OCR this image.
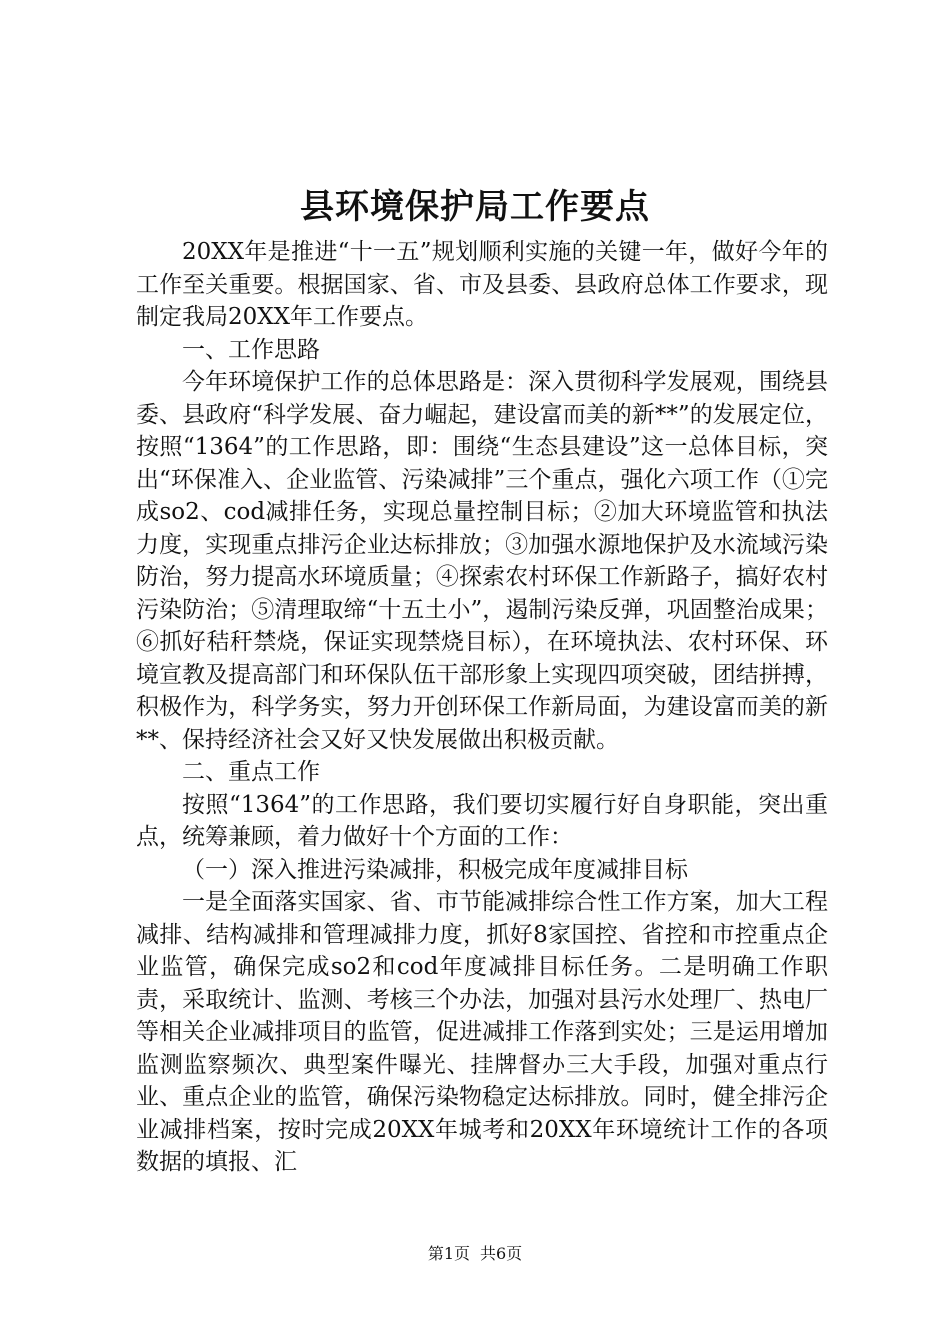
县环境保护局工作要点

20XX年是推进“十一五”规划顺利实施的关键一年，做好今年的工作至关重要。根据国家、省、市及县委、县政府总体工作要求，现制定我局20XX年工作要点。

一、工作思路

今年环境保护工作的总体思路是：深入贯彻科学发展观，围绕县委、县政府“科学发展、奋力崛起，建设富而美的新**”的发展定位，按照“1364”的工作思路，即：围绕“生态县建设”这一总体目标，突出“环保准入、企业监管、污染减排”三个重点，强化六项工作（①完成so2、cod减排任务，实现总量控制目标；②加大环境监管和执法力度，实现重点排污企业达标排放；③加强水源地保护及水流域污染防治，努力提高水环境质量；④探索农村环保工作新路子，搞好农村污染防治；⑤清理取缔“十五土小”，遏制污染反弹，巩固整治成果；⑥抓好秸秆禁烧，保证实现禁烧目标），在环境执法、农村环保、环境宣教及提高部门和环保队伍干部形象上实现四项突破，团结拼搏，积极作为，科学务实，努力开创环保工作新局面，为建设富而美的新**、保持经济社会又好又快发展做出积极贡献。

二、重点工作

按照“1364”的工作思路，我们要切实履行好自身职能，突出重点，统筹兼顾，着力做好十个方面的工作：

（一）深入推进污染减排，积极完成年度减排目标

一是全面落实国家、省、市节能减排综合性工作方案，加大工程减排、结构减排和管理减排力度，抓好8家国控、省控和市控重点企业监管，确保完成so2和cod年度减排目标任务。二是明确工作职责，采取统计、监测、考核三个办法，加强对县污水处理厂、热电厂等相关企业减排项目的监管，促进减排工作落到实处；三是运用增加监测监察频次、典型案件曝光、挂牌督办三大手段，加强对重点行业、重点企业的监管，确保污染物稳定达标排放。同时，健全排污企业减排档案，按时完成20XX年城考和20XX年环境统计工作的各项数据的填报、汇

第1页 共6页
